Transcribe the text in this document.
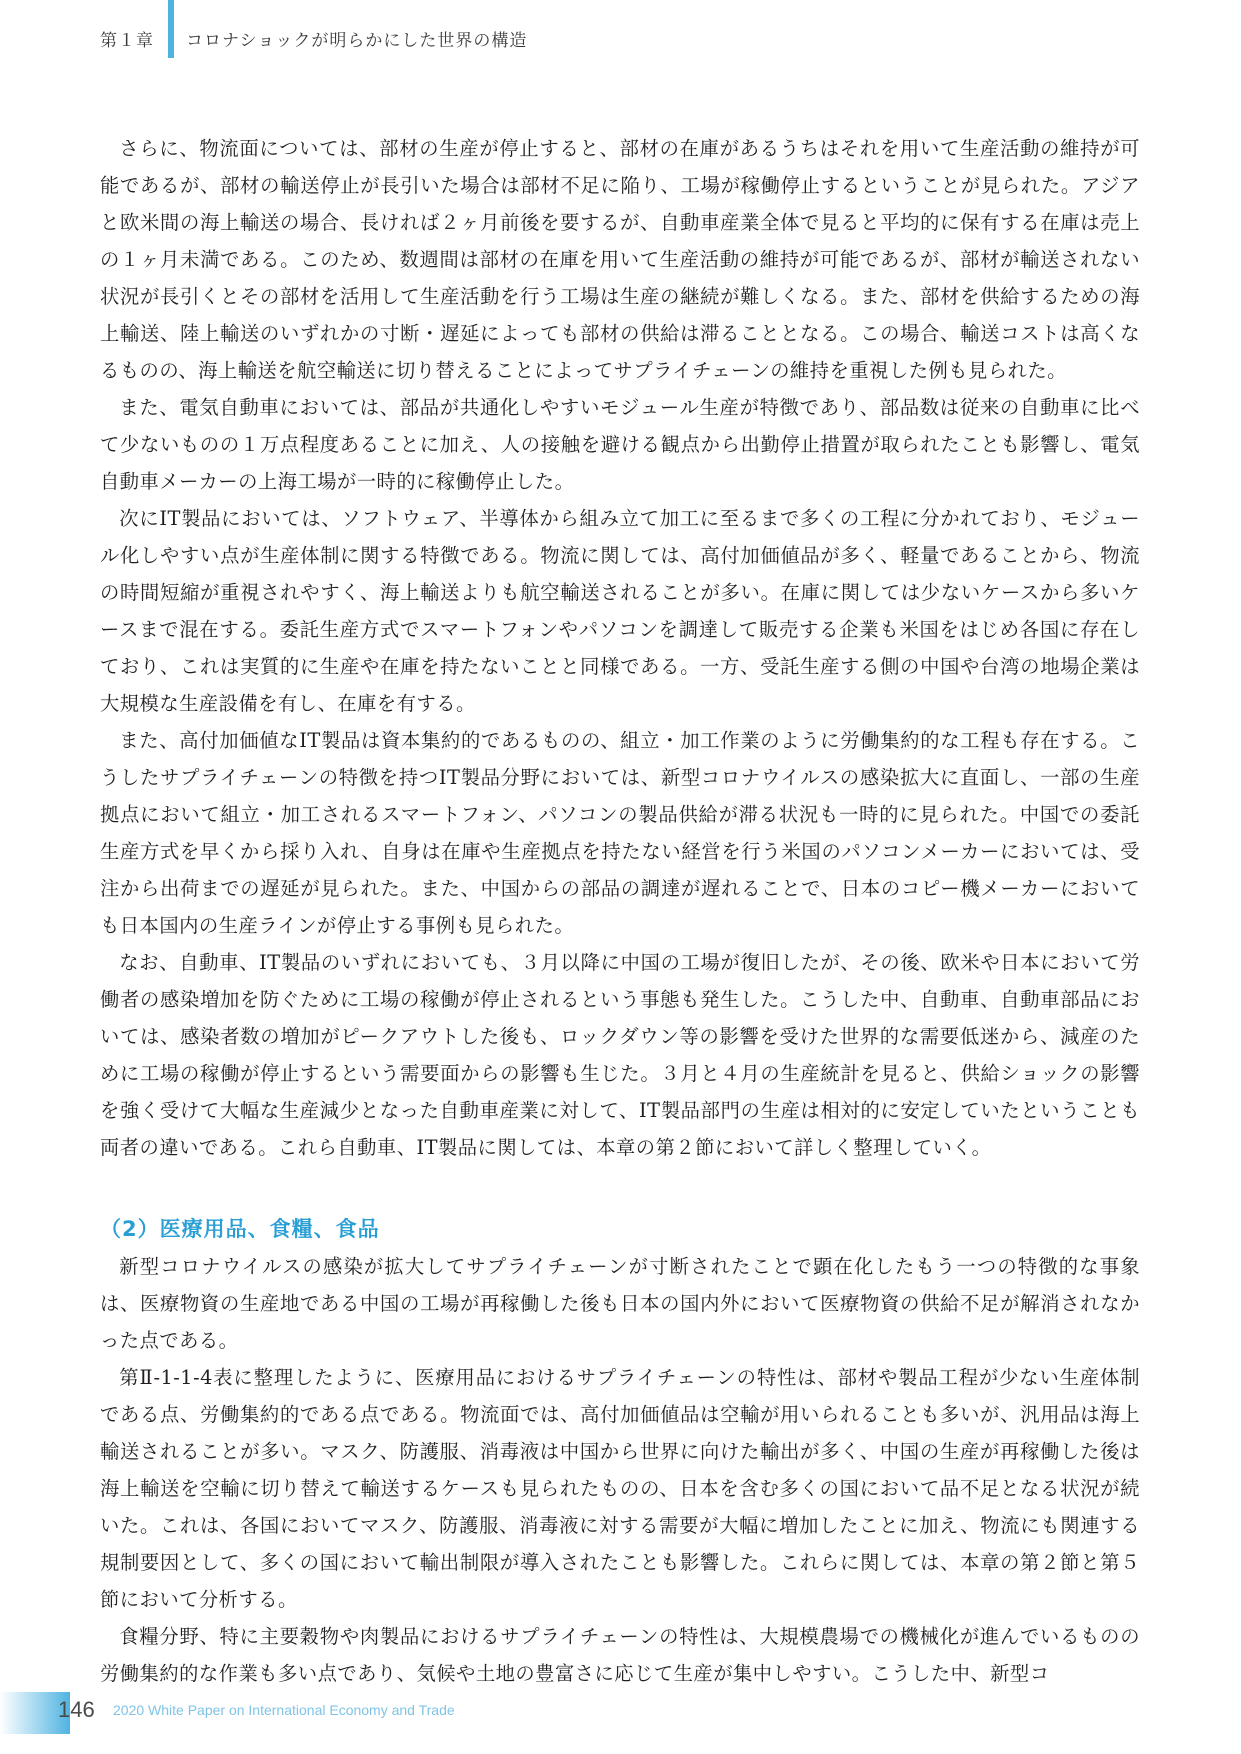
第１章 コロナショックが明らかにした世界の構造

さらに、物流面については、部材の生産が停止すると、部材の在庫があるうちはそれを用いて生産活動の維持が可能であるが、部材の輸送停止が長引いた場合は部材不足に陥り、工場が稼働停止するということが見られた。アジアと欧米間の海上輸送の場合、長ければ２ヶ月前後を要するが、自動車産業全体で見ると平均的に保有する在庫は売上の１ヶ月未満である。このため、数週間は部材の在庫を用いて生産活動の維持が可能であるが、部材が輸送されない状況が長引くとその部材を活用して生産活動を行う工場は生産の継続が難しくなる。また、部材を供給するための海上輸送、陸上輸送のいずれかの寸断・遅延によっても部材の供給は滞ることとなる。この場合、輸送コストは高くなるものの、海上輸送を航空輸送に切り替えることによってサプライチェーンの維持を重視した例も見られた。

また、電気自動車においては、部品が共通化しやすいモジュール生産が特徴であり、部品数は従来の自動車に比べて少ないものの１万点程度あることに加え、人の接触を避ける観点から出勤停止措置が取られたことも影響し、電気自動車メーカーの上海工場が一時的に稼働停止した。

次にIT製品においては、ソフトウェア、半導体から組み立て加工に至るまで多くの工程に分かれており、モジュール化しやすい点が生産体制に関する特徴である。物流に関しては、高付加価値品が多く、軽量であることから、物流の時間短縮が重視されやすく、海上輸送よりも航空輸送されることが多い。在庫に関しては少ないケースから多いケースまで混在する。委託生産方式でスマートフォンやパソコンを調達して販売する企業も米国をはじめ各国に存在しており、これは実質的に生産や在庫を持たないことと同様である。一方、受託生産する側の中国や台湾の地場企業は大規模な生産設備を有し、在庫を有する。

また、高付加価値なIT製品は資本集約的であるものの、組立・加工作業のように労働集約的な工程も存在する。こうしたサプライチェーンの特徴を持つIT製品分野においては、新型コロナウイルスの感染拡大に直面し、一部の生産拠点において組立・加工されるスマートフォン、パソコンの製品供給が滞る状況も一時的に見られた。中国での委託生産方式を早くから採り入れ、自身は在庫や生産拠点を持たない経営を行う米国のパソコンメーカーにおいては、受注から出荷までの遅延が見られた。また、中国からの部品の調達が遅れることで、日本のコピー機メーカーにおいても日本国内の生産ラインが停止する事例も見られた。

なお、自動車、IT製品のいずれにおいても、３月以降に中国の工場が復旧したが、その後、欧米や日本において労働者の感染増加を防ぐために工場の稼働が停止されるという事態も発生した。こうした中、自動車、自動車部品においては、感染者数の増加がピークアウトした後も、ロックダウン等の影響を受けた世界的な需要低迷から、減産のために工場の稼働が停止するという需要面からの影響も生じた。３月と４月の生産統計を見ると、供給ショックの影響を強く受けて大幅な生産減少となった自動車産業に対して、IT製品部門の生産は相対的に安定していたということも両者の違いである。これら自動車、IT製品に関しては、本章の第２節において詳しく整理していく。

（2）医療用品、食糧、食品

新型コロナウイルスの感染が拡大してサプライチェーンが寸断されたことで顕在化したもう一つの特徴的な事象は、医療物資の生産地である中国の工場が再稼働した後も日本の国内外において医療物資の供給不足が解消されなかった点である。

第Ⅱ-1-1-4表に整理したように、医療用品におけるサプライチェーンの特性は、部材や製品工程が少ない生産体制である点、労働集約的である点である。物流面では、高付加価値品は空輸が用いられることも多いが、汎用品は海上輸送されることが多い。マスク、防護服、消毒液は中国から世界に向けた輸出が多く、中国の生産が再稼働した後は海上輸送を空輸に切り替えて輸送するケースも見られたものの、日本を含む多くの国において品不足となる状況が続いた。これは、各国においてマスク、防護服、消毒液に対する需要が大幅に増加したことに加え、物流にも関連する規制要因として、多くの国において輸出制限が導入されたことも影響した。これらに関しては、本章の第２節と第５節において分析する。

食糧分野、特に主要穀物や肉製品におけるサプライチェーンの特性は、大規模農場での機械化が進んでいるものの労働集約的な作業も多い点であり、気候や土地の豊富さに応じて生産が集中しやすい。こうした中、新型コ

146 2020 White Paper on International Economy and Trade
